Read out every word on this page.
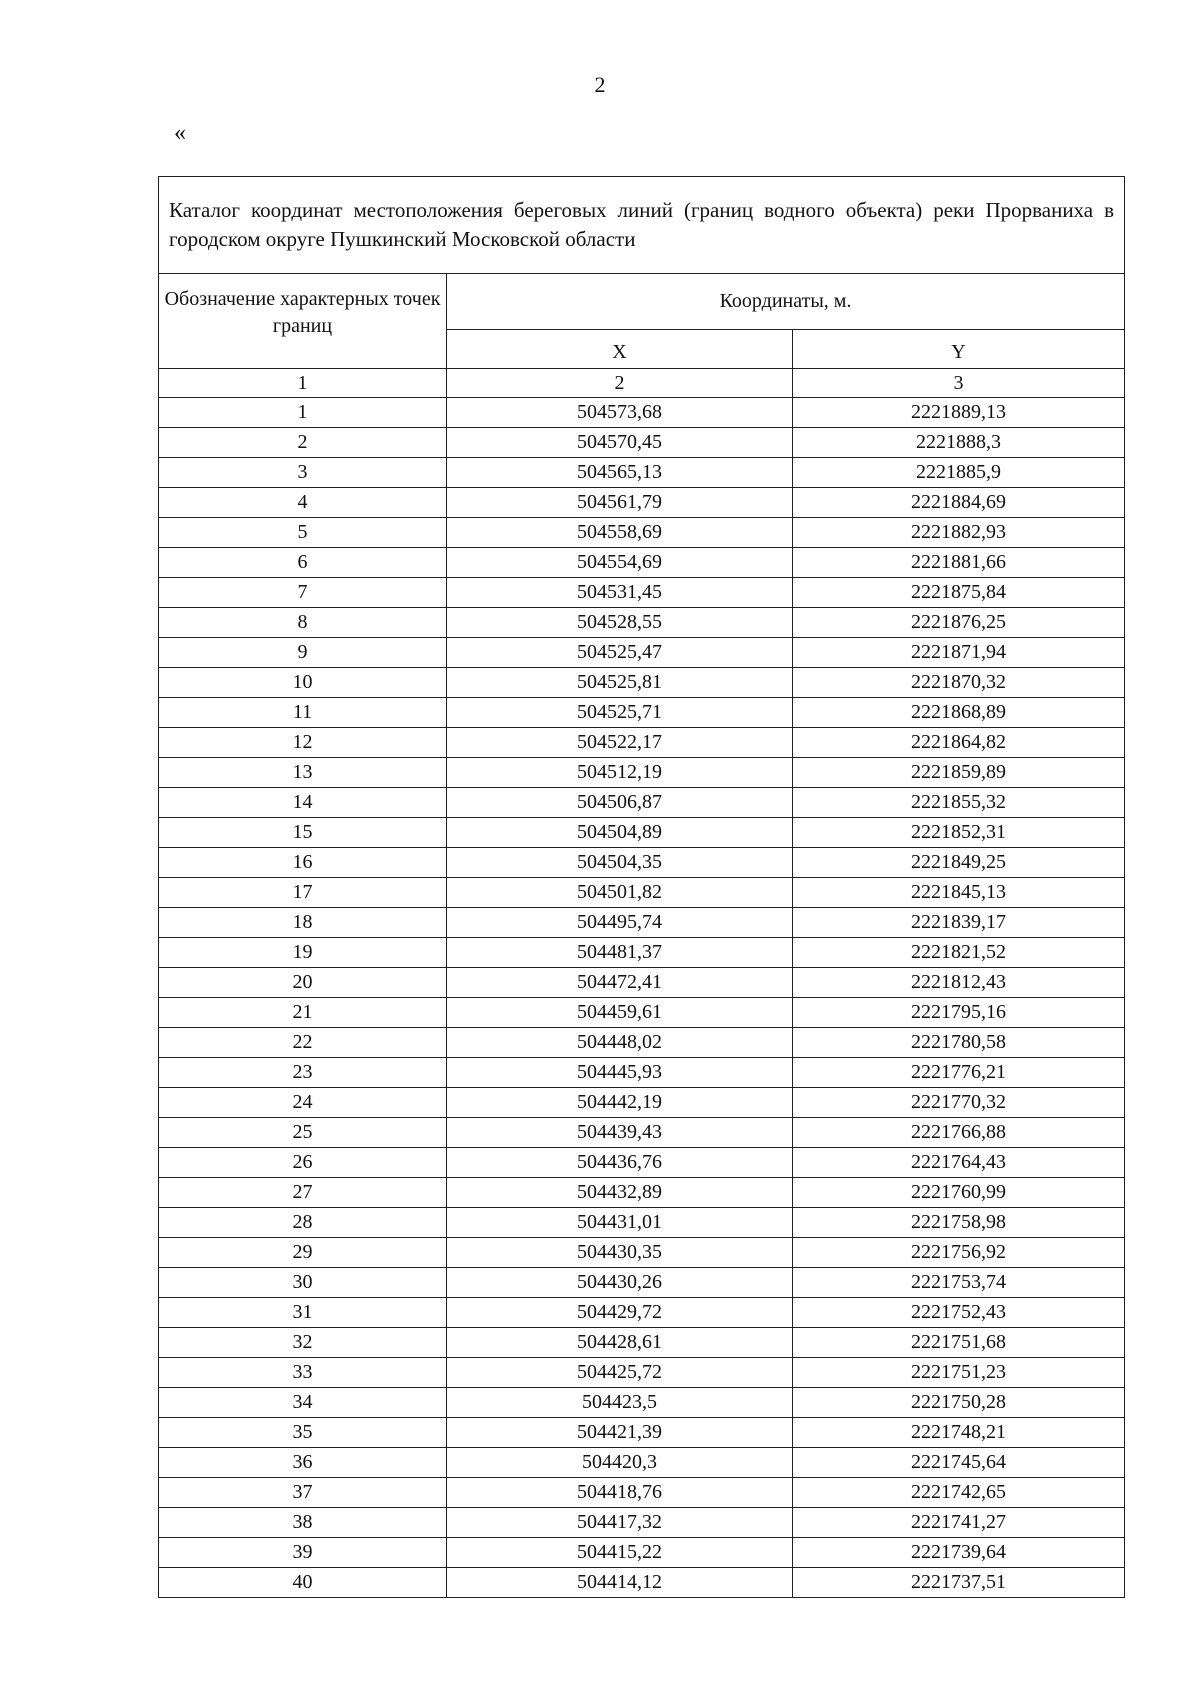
2
«
Каталог координат местоположения береговых линий (границ водного объекта) реки Прорваниха в городском округе Пушкинский Московской области		
Обозначение характерных точек границ	Координаты, м.	
	X	Y
1	2	3
1	504573,68	2221889,13
2	504570,45	2221888,3
3	504565,13	2221885,9
4	504561,79	2221884,69
5	504558,69	2221882,93
6	504554,69	2221881,66
7	504531,45	2221875,84
8	504528,55	2221876,25
9	504525,47	2221871,94
10	504525,81	2221870,32
11	504525,71	2221868,89
12	504522,17	2221864,82
13	504512,19	2221859,89
14	504506,87	2221855,32
15	504504,89	2221852,31
16	504504,35	2221849,25
17	504501,82	2221845,13
18	504495,74	2221839,17
19	504481,37	2221821,52
20	504472,41	2221812,43
21	504459,61	2221795,16
22	504448,02	2221780,58
23	504445,93	2221776,21
24	504442,19	2221770,32
25	504439,43	2221766,88
26	504436,76	2221764,43
27	504432,89	2221760,99
28	504431,01	2221758,98
29	504430,35	2221756,92
30	504430,26	2221753,74
31	504429,72	2221752,43
32	504428,61	2221751,68
33	504425,72	2221751,23
34	504423,5	2221750,28
35	504421,39	2221748,21
36	504420,3	2221745,64
37	504418,76	2221742,65
38	504417,32	2221741,27
39	504415,22	2221739,64
40	504414,12	2221737,51
